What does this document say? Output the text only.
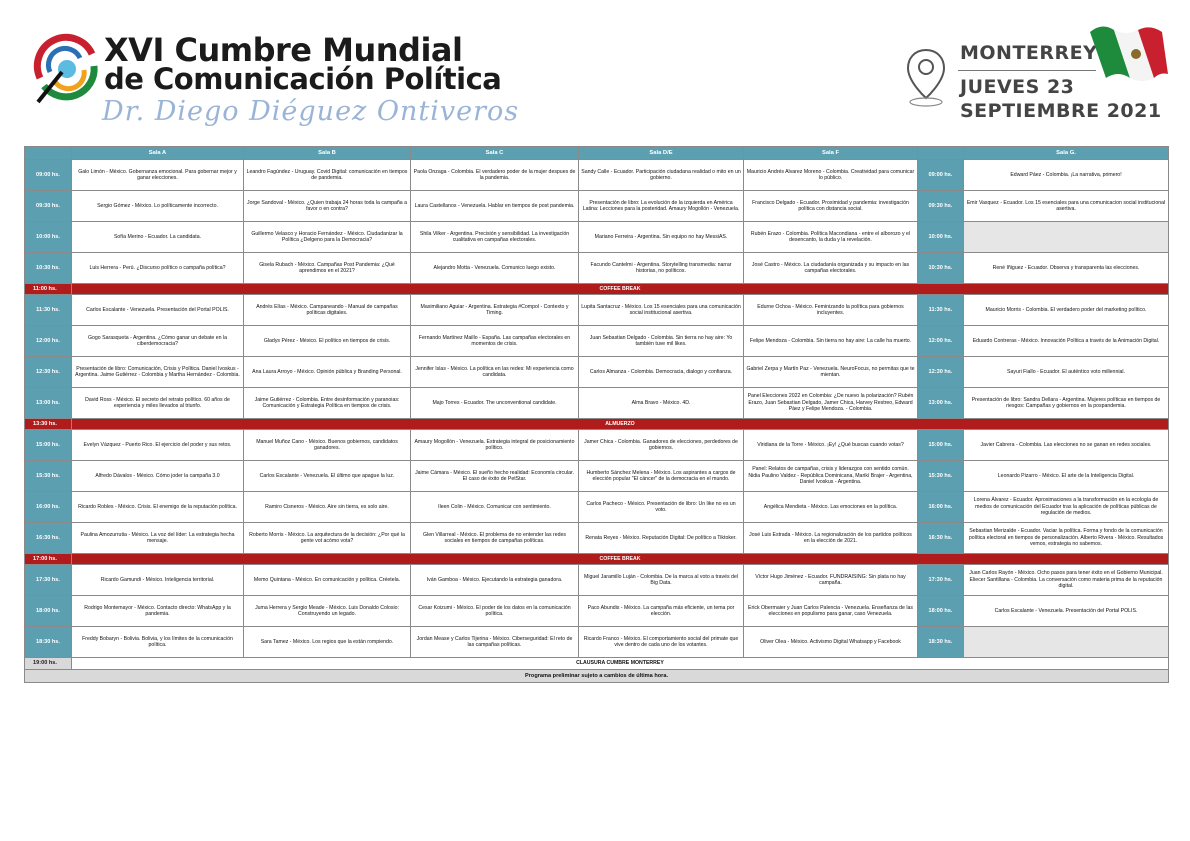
XVI Cumbre Mundial
de Comunicación Política
Dr. Diego Diéguez Ontiveros
MONTERREY
JUEVES 23
SEPTIEMBRE 2021
	Sala A	Sala B	Sala C	Sala D/E	Sala F		Sala G.
09:00 hs.	Galo Limón - México. Gobernanza emocional. Para gobernar mejor y ganar elecciones.	Leandro Fagúndez - Uruguay. Covid Digital: comunicación en tiempos de pandemia.	Paola Onzaga - Colombia. El verdadero poder de la mujer despues de la pandemia.	Sandy Calle - Ecuador. Participación ciudadana realidad o mito en un gobierno.	Mauricio Andrés Alvarez Moreno - Colombia. Creatividad para comunicar lo público.	09:00 hs.	Edward Páez - Colombia. ¡La narrativa, primero!
09:30 hs.	Sergio Gómez - México. Lo políticamente incorrecto.	Jorge Sandoval - México. ¿Quien trabaja 24 horas toda la campaña a favor o en contra?	Laura Castellanos - Venezuela. Hablar en tiempos de post pandemia.	Presentación de libro: La evolución de la izquierda en América Latina: Lecciones para la posteridad. Amaury Mogollón - Venezuela.	Francisco Delgado - Ecuador. Proximidad y pandemia: investigación política con distancia social.	09:30 hs.	Emir Vasquez - Ecuador. Los 15 esenciales para una comunicacion social institucional asertiva.
10:00 hs.	Sofía Merino - Ecuador. La candidata.	Guillermo Velasco y Horacio Fernández - México. Ciudadanizar la Política ¿Delgeno para la Democracia?	Shila Vilker - Argentina. Precisión y sensibilidad. La investigación cualitativa en campañas electorales.	Mariano Ferreira - Argentina. Sin equipo no hay MessiAS.	Rubén Erazo - Colombia. Política Macondiana - entre el alborozo y el desencanto, la duda y la revelación.	10:00 hs.	
10:30 hs.	Luis Herrera - Perú. ¿Discurso político o campaña política?	Gisela Rubach - México. Campañas Post Pandemia: ¿Qué aprendimos en el 2021?	Alejandro Motta - Venezuela. Comunico luego existo.	Facundo Cantelmi - Argentina. Storytelling transmedia: narrar historias, no políticos.	José Castro - México. La ciudadanía organizada y su impacto en las campañas electorales.	10:30 hs.	René Iñiguez - Ecuador. Observa y transparenta las elecciones.
11:00 hs.	COFFEE BREAK						
11:30 hs.	Carlos Escalante - Venezuela. Presentación del Portal POLIS.	Andrés Elías - México. Campaneando - Manual de campañas políticas digitales.	Maximiliano Aguiar - Argentina. Estrategia #Compol - Contexto y Timing.	Lupita Santacruz - México. Los 15 esenciales para una comunicación social institucional asertiva.	Edurne Ochoa - México. Feminizando la política para gobiernos incluyentes.	11:30 hs.	Mauricio Morris - Colombia. El verdadero poder del marketing político.
12:00 hs.	Gogo Sarasqueta - Argentina. ¿Cómo ganar un debate en la ciberdemocracia?	Gladys Pérez - México. El político en tiempos de crisis.	Fernando Martínez Maillo - España. Las campañas electorales en momentos de crisis.	Juan Sebastian Delgado - Colombia. Sin tierra no hay aire: Yo también tuve mil likes.	Felipe Mendoza - Colombia. Sin tierra no hay aire: La calle ha muerto.	12:00 hs.	Eduardo Contreras - México. Innovación Política a través de la Animación Digital.
12:30 hs.	Presentación de libro: Comunicación, Crisis y Política. Daniel Ivoskus - Argentina. Jaime Gutiérrez - Colombia y Martha Hernández - Colombia.	Ana Laura Arroyo - México. Opinión pública y Branding Personal.	Jennifer Islas - México. La política en las redes: Mi experiencia como candidata.	Carlos Almanza - Colombia. Democracia, dialogo y confianza.	Gabriel Zerpa y Martín Paz - Venezuela. NeuroFocus, no permitas que te mientan.	12:30 hs.	Sayuri Fiallo - Ecuador. El auténtico voto millennial.
13:00 hs.	David Ross - México. El secreto del retrato político. 60 años de experiencia y miles llevados al triunfo.	Jaime Gutiérrez - Colombia. Entre desinformación y paranoias: Comunicación y Estrategia Política en tiempos de crisis.	Majo Torres - Ecuador. The unconventional candidate.	Alma Bravo - México. 4D.	Panel Elecciones 2022 en Colombia: ¿De nuevo la polarización? Rubén Erazo, Juan Sebastian Delgado, Jamer Chica, Harvey Restreo, Edward Páez y Felipe Mendoza. - Colombia.	13:00 hs.	Presentación de libro: Sandra Dellara - Argentina. Mujeres políticas en tiempos de riesgos: Campañas y gobiernos en la pospandemia.
13:30 hs.	ALMUERZO						
15:00 hs.	Evelyn Vázquez - Puerto Rico. El ejercicio del poder y sus retos.	Manuel Muñoz Cano - México. Buenos gobiernos, candidatos ganadores.	Amaury Mogollón - Venezuela. Estrategia integral de posicionamiento político.	Jamer Chica - Colombia. Ganadores de elecciones, perdedores de gobiernos.	Viridiana de la Torre - México. ¡Ey! ¿Qué buscas cuando votas?	15:00 hs.	Javier Cabrera - Colombia. Las elecciones no se ganan en redes sociales.
15:30 hs.	Alfredo Dávalos - México. Cómo joder la campaña 3.0	Carlos Escalante - Venezuela. El último que apague la luz.	Jaime Cámara - México. El sueño hecho realidad: Economía circular. El caso de éxito de PetStar.	Humberto Sánchez Melena - México. Los aspirantes a cargos de elección popular "El cáncer" de la democracia en el mundo.	Panel: Relatos de campañas, crisis y liderazgos con sentido común. Nidia Paulino Valdez - República Dominicana, Marikí Brajer - Argentina, Daniel Ivoskus - Argentina.	15:30 hs.	Leonardo Pizarro - México. El arte de la Inteligencia Digital.
16:00 hs.	Ricardo Robles - México. Crisis. El enemigo de la reputación política.	Ramiro Cisneros - México. Aire sin tierra, es solo aire.	Ileen Colin - México. Comunicar con sentimiento.	Carlos Pacheco - México. Presentación de libro: Un like no es un voto.	Angélica Mendieta - México. Las emociones en la política.	16:00 hs.	Lorena Álvarez - Ecuador. Aproximaciones a la transformación en la ecología de medios de comunicación del Ecuador tras la aplicación de políticas públicas de regulación de medios.
16:30 hs.	Paulina Amozurrutia - México. La voz del líder: La estrategia hecha mensaje.	Roberto Morris - México. La arquitectura de la decisión: ¿Por qué la gente vot acómo vota?	Glen Villarreal - México. El problema de no entender las redes sociales en tiempos de campañas políticas.	Renata Reyes - México. Reputación Digital: De político a Tiktoker.	José Luis Estrada - México. La regionalización de los partidos políticos en la elección de 2021.	16:30 hs.	Sebastian Merizalde - Ecuador. Vaciar la política. Forma y fondo de la comunicación política electoral en tiempos de personalización. Alberto Rivera - México. Resultados vemos, estrategia no sabemos.
17:00 hs.	COFFEE BREAK						
17:30 hs.	Ricardo Gamundi - México. Inteligencia territorial.	Memo Quintana - México. En comunicación y política. Créetela.	Iván Gamboa - México. Ejecutando la estrategia ganadora.	Miguel Jaramillo Luján - Colombia. De la marca al voto a través del Big Data.	Víctor Hugo Jiménez - Ecuador. FUNDRAISING: Sin plata no hay campaña.	17:30 hs.	Juan Carlos Rayón - México. Ocho pasos para tener éxito en el Gobierno Municipal. Eliecer Santillana - Colombia. La conversación como materia prima de la reputación digital.
18:00 hs.	Rodrigo Montemayor - México. Contacto directo: WhatsApp y la pandemia.	Juma Herrera y Sergio Meade - México. Luis Donaldo Colosio: Construyendo un legado.	Cesar Koizumi - México. El poder de los datos en la comunicación política.	Paco Abundis - México. La campaña más eficiente, un tema por elección.	Erick Obermaier y Juan Carlos Palencia - Venezuela. Enseñanza de las elecciones en populismo para ganar, caso Venezuela.	18:00 hs.	Carlos Escalante - Venezuela. Presentación del Portal POLIS.
18:30 hs.	Freddy Bobaryn - Bolivia. Bolivia, y los límites de la comunicación política.	Sara Tamez - México. Los regios que la están rompiendo.	Jordan Mease y Carlos Tijerina - México. Ciberseguridad: El reto de las campañas políticas.	Ricardo Franco - México. El comportamiento social del primate que vive dentro de cada uno de los votantes.	Oliver Olea - México. Activismo Digital Whatsapp y Facebook	18:30 hs.	
19:00 hs.	CLAUSURA CUMBRE MONTERREY						
Programa preliminar sujeto a cambios de última hora.							
